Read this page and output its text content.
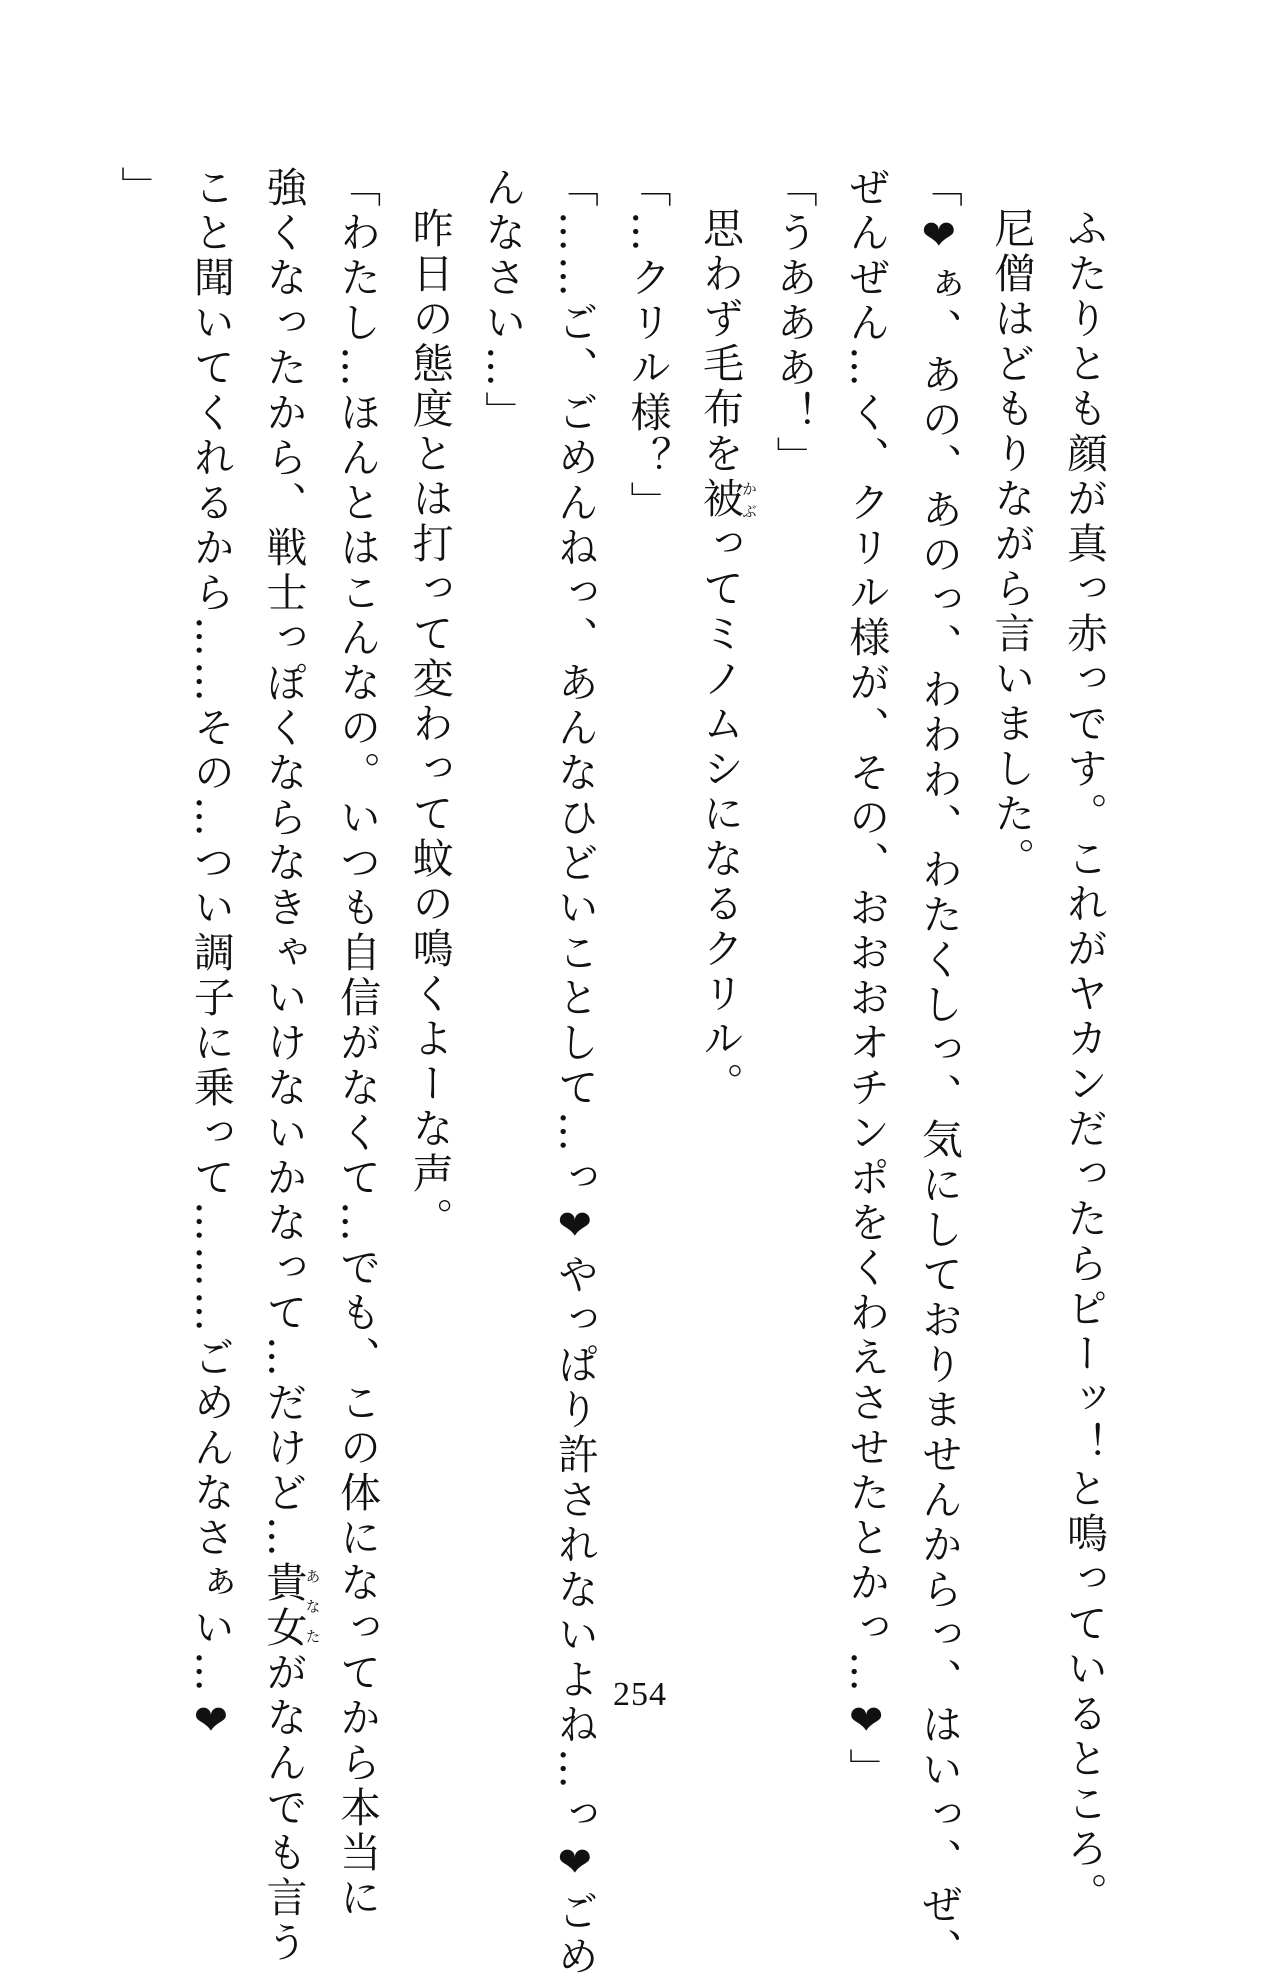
ふたりとも顔が真っ赤っです。これがヤカンだったらピーッ！と鳴っているところ。
尼僧はどもりながら言いました。
「❤ぁ、あの、あのっ、わわわ、わたくしっ、気にしておりませんからっ、はいっ、ぜ、
ぜんぜん…く、クリル様が、その、おおおオチンポをくわえさせたとかっ…❤」
「うあああ！」
思わず毛布を被かぶってミノムシになるクリル。
「…クリル様？」
「……ご、ごめんねっ、あんなひどいことして…っ❤やっぱり許されないよね…っ❤ごめ
んなさい…」
昨日の態度とは打って変わって蚊の鳴くよーな声。
「わたし…ほんとはこんなの。いつも自信がなくて…でも、この体になってから本当に
強くなったから、戦士っぽくならなきゃいけないかなって…だけど…貴女あなたがなんでも言う
こと聞いてくれるから……その…つい調子に乗って………ごめんなさぁい…❤
」
254
